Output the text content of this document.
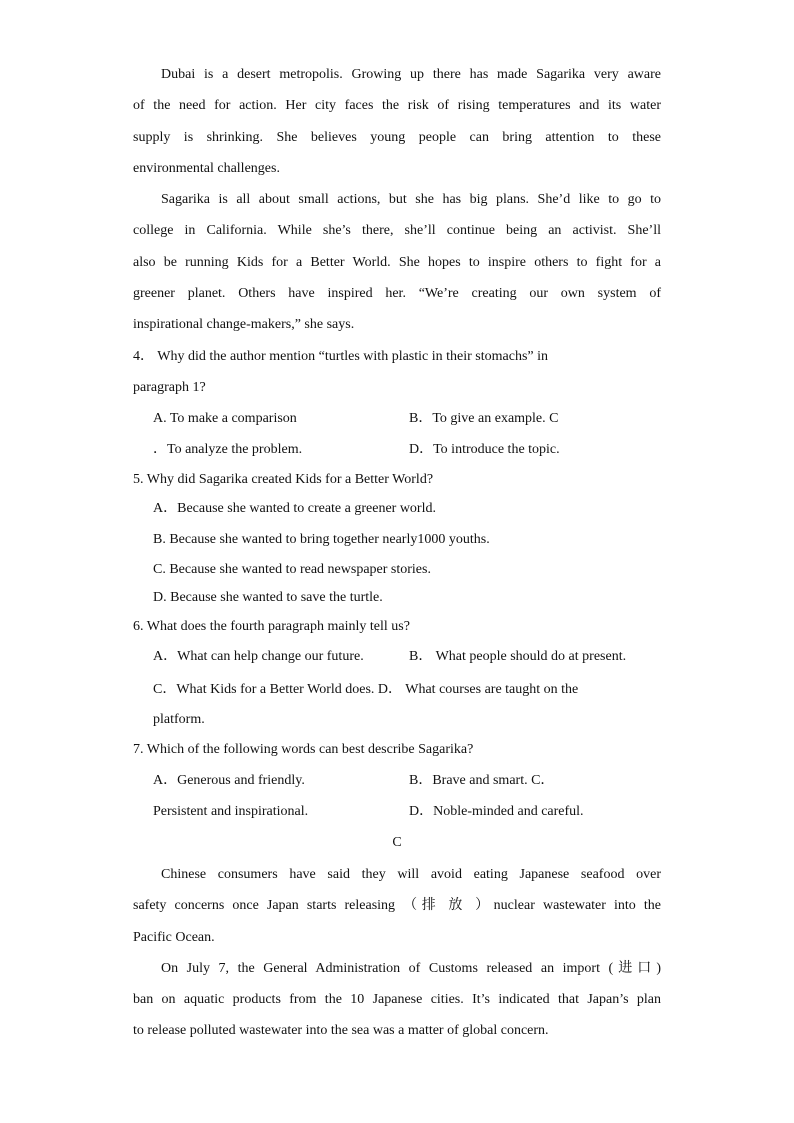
Dubai is a desert metropolis. Growing up there has made Sagarika very aware
of the need for action. Her city faces the risk of rising temperatures and its water
supply is shrinking. She believes young people can bring attention to these
environmental challenges.
Sagarika is all about small actions, but she has big plans. She’d like to go to
college in California. While she’s there, she’ll continue being an activist. She’ll
also be running Kids for a Better World. She hopes to inspire others to fight for a
greener planet. Others have inspired her. “We’re creating our own system of
inspirational change-makers,” she says.
4． Why did the author mention “turtles with plastic in their stomachs” in
paragraph 1?
A. To make a comparison	B．To give an example. C
．To analyze the problem.	D．To introduce the topic.
5. Why did Sagarika created Kids for a Better World?
A．Because she wanted to create a greener world.
B. Because she wanted to bring together nearly1000 youths.
C. Because she wanted to read newspaper stories.
D. Because she wanted to save the turtle.
6. What does the fourth paragraph mainly tell us?
A．What can help change our future.	B． What people should do at present.
C．What Kids for a Better World does. D． What courses are taught on the
platform.
7. Which of the following words can best describe Sagarika?
A．Generous and friendly.	B．Brave and smart. C．
Persistent and inspirational.	D．Noble-minded and careful.
C
Chinese consumers have said they will avoid eating Japanese seafood over
safety concerns once Japan starts releasing （排 放 ）nuclear wastewater into the
Pacific Ocean.
On July 7, the General Administration of Customs released an import (进口)
ban on aquatic products from the 10 Japanese cities. It’s indicated that Japan’s plan
to release polluted wastewater into the sea was a matter of global concern.
